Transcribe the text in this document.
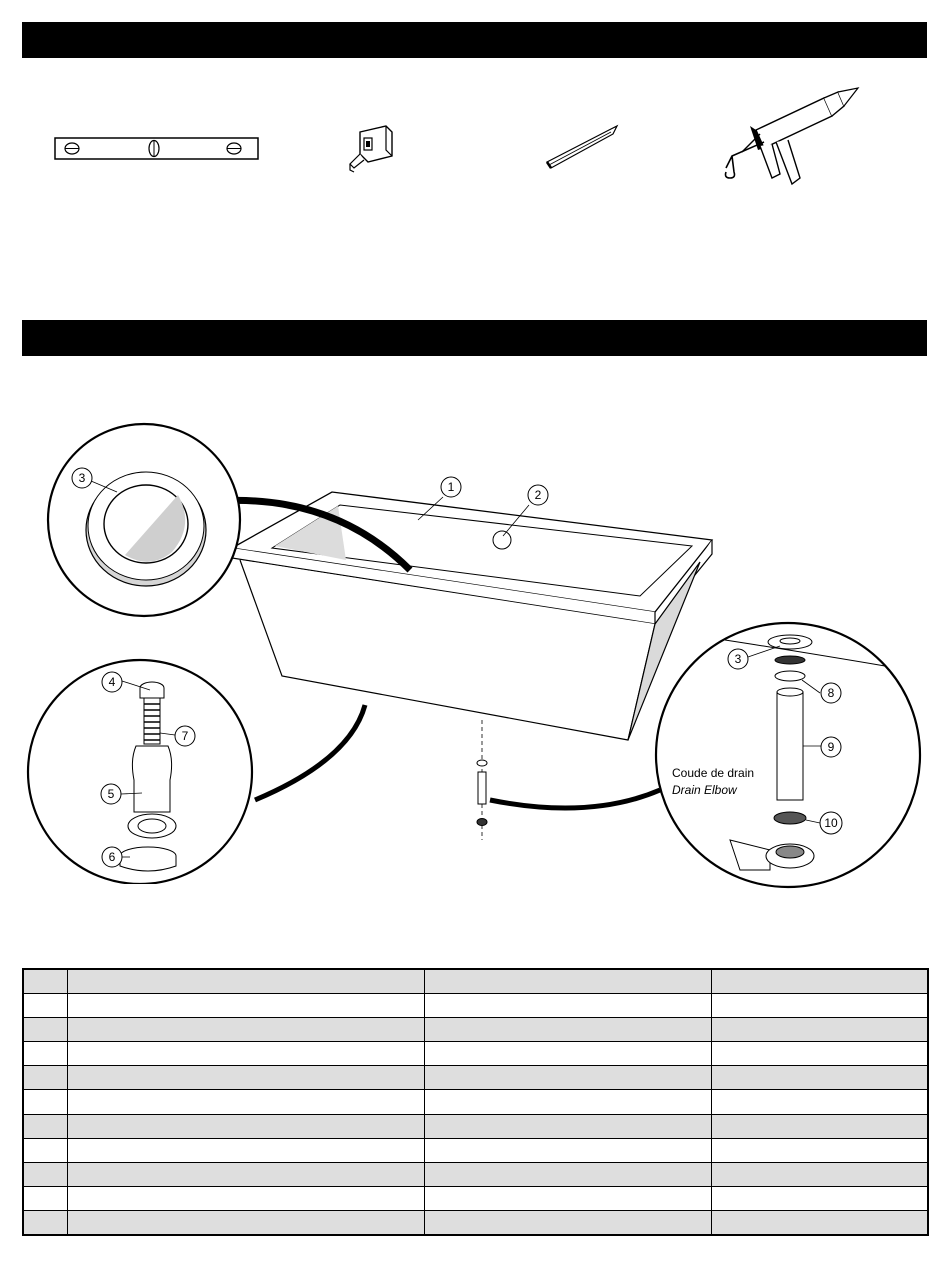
1
2
3
4
7
5
6
3
8
9
10
Coude de drain
Drain Elbow
